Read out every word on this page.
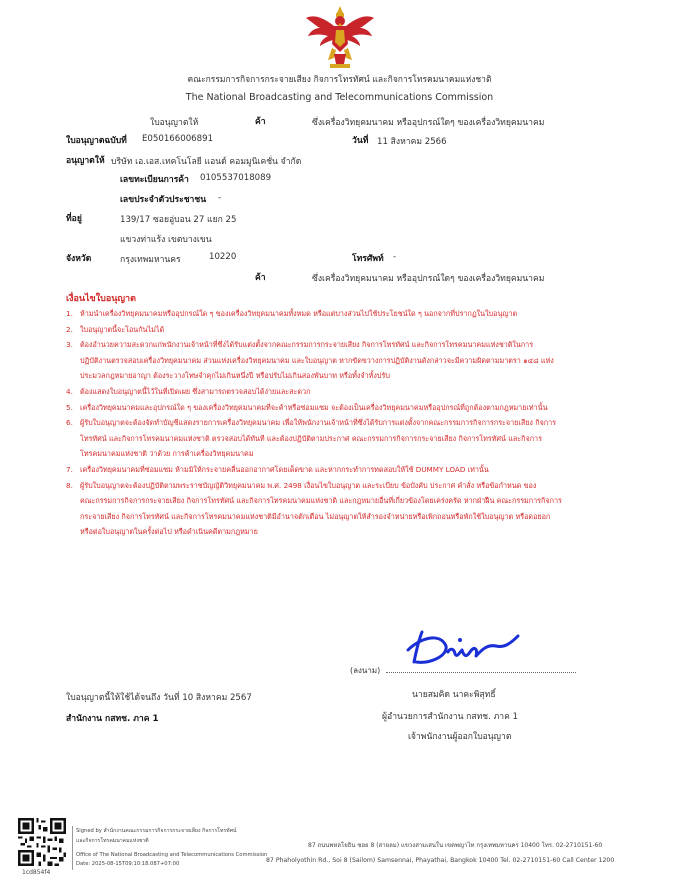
คณะกรรมการกิจการกระจายเสียง กิจการโทรทัศน์ และกิจการโทรคมนาคมแห่งชาติ
The National Broadcasting and Telecommunications Commission
ใบอนุญาตให้	ค้า	ซึ่งเครื่องวิทยุคมนาคม หรืออุปกรณ์ใดๆ ของเครื่องวิทยุคมนาคม
ใบอนุญาตฉบับที่ E050166006891	วันที่ 11 สิงหาคม 2566
อนุญาตให้ บริษัท เอ.เอส.เทคโนโลยี แอนด์ คอมมูนิเคชั่น จำกัด
เลขทะเบียนการค้า 0105537018089
เลขประจำตัวประชาชน -
ที่อยู่	139/17 ซอยอู่บอน 27 แยก 25
แขวงท่าแร้ง เขตบางเขน
จังหวัด	กรุงเทพมหานคร	10220	โทรศัพท์ -
ค้า	ซึ่งเครื่องวิทยุคมนาคม หรืออุปกรณ์ใดๆ ของเครื่องวิทยุคมนาคม
เงื่อนไขใบอนุญาต
1. ห้ามนำเครื่องวิทยุคมนาคมหรืออุปกรณ์ใด ๆ ของเครื่องวิทยุคมนาคมทั้งหมด หรือแต่บางส่วนไปใช้ประโยชน์ใด ๆ นอกจากที่ปรากฏในใบอนุญาต
2. ใบอนุญาตนี้จะโอนกันไม่ได้
3. ต้องอำนวยความสะดวกแก่พนักงานเจ้าหน้าที่ซึ่งได้รับแต่งตั้งจากคณะกรรมการกระจายเสียง กิจการโทรทัศน์ และกิจการโทรคมนาคมแห่งชาติในการ
ปฏิบัติงานตรวจสอบเครื่องวิทยุคมนาคม ส่วนแห่งเครื่องวิทยุคมนาคม และใบอนุญาต หากขัดขวางการปฏิบัติงานดังกล่าวจะมีความผิดตามมาตรา ๑๔๘ แห่ง
ประมวลกฎหมายอาญา ต้องระวางโทษจำคุกไม่เกินหนึ่งปี หรือปรับไม่เกินสองพันบาท หรือทั้งจำทั้งปรับ
4. ต้องแสดงใบอนุญาตนี้ไว้ในที่เปิดเผย ซึ่งสามารถตรวจสอบได้ง่ายและสะดวก
5. เครื่องวิทยุคมนาคมและอุปกรณ์ใด ๆ ของเครื่องวิทยุคมนาคมที่จะค้าหรือซ่อมแซม จะต้องเป็นเครื่องวิทยุคมนาคมหรืออุปกรณ์ที่ถูกต้องตามกฎหมายเท่านั้น
6. ผู้รับใบอนุญาตจะต้องจัดทำบัญชีแสดงรายการเครื่องวิทยุคมนาคม เพื่อให้พนักงานเจ้าหน้าที่ซึ่งได้รับการแต่งตั้งจากคณะกรรมการกิจการกระจายเสียง กิจการ
โทรทัศน์ และกิจการโทรคมนาคมแห่งชาติ ตรวจสอบได้ทันที และต้องปฏิบัติตามประกาศ คณะกรรมการกิจการกระจายเสียง กิจการโทรทัศน์ และกิจการ
โทรคมนาคมแห่งชาติ ว่าด้วย การค้าเครื่องวิทยุคมนาคม
7. เครื่องวิทยุคมนาคมที่ซ่อมแซม ห้ามมิให้กระจายคลื่นออกอากาศโดยเด็ดขาด และหากกระทำการทดสอบให้ใช้ DUMMY LOAD เท่านั้น
8. ผู้รับใบอนุญาตจะต้องปฏิบัติตามพระราชบัญญัติวิทยุคมนาคม พ.ศ. 2498 เงื่อนไขใบอนุญาต และระเบียบ ข้อบังคับ ประกาศ คำสั่ง หรือข้อกำหนด ของ
คณะกรรมการกิจการกระจายเสียง กิจการโทรทัศน์ และกิจการโทรคมนาคมแห่งชาติ และกฎหมายอื่นที่เกี่ยวข้องโดยเคร่งครัด หากฝ่าฝืน คณะกรรมการกิจการ
กระจายเสียง กิจการโทรทัศน์ และกิจการโทรคมนาคมแห่งชาติมีอำนาจตักเตือน ไม่อนุญาตให้สำรองจำหน่ายหรือเพิกถอนหรือพักใช้ใบอนุญาต หรือดอยอก
หรือต่อใบอนุญาตในครั้งต่อไป หรือดำเนินคดีตามกฎหมาย
(ลงนาม)
นายสมคิด นาคะพิสุทธิ์
ผู้อำนวยการสำนักงาน กสทช. ภาค 1
เจ้าพนักงานผู้ออกใบอนุญาต
ใบอนุญาตนี้ให้ใช้ได้จนถึง วันที่ 10 สิงหาคม 2567
สำนักงาน กสทช. ภาค 1
1cd854f4
Signed by สำนักงานคณะกรรมการกิจการกระจายเสียง กิจการโทรทัศน์
และกิจการโทรคมนาคมแห่งชาติ
Office of The National Broadcasting and Telecommunications Commission
Date: 2025-08-15T09:10:18.087+07:00
87 ถนนพหลโยธิน ซอย 8 (สายลม) แขวงสามเสนใน เขตพญาไท กรุงเทพมหานคร 10400 โทร. 02-2710151-60
87 Phaholyothin Rd., Soi 8 (Sailom) Samsennai, Phayathai, Bangkok 10400 Tel. 02-2710151-60 Call Center 1200
